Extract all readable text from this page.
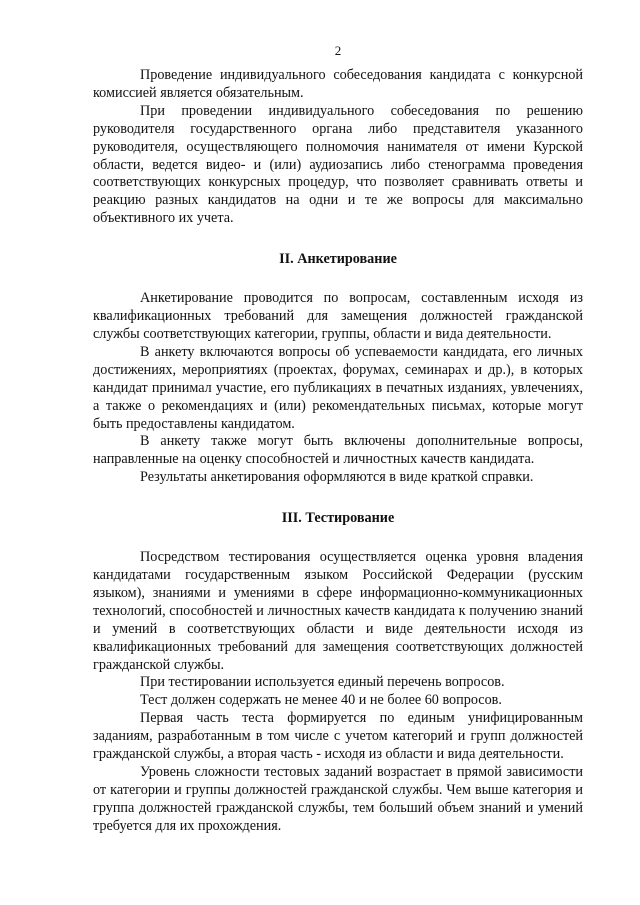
2

Проведение индивидуального собеседования кандидата с конкурсной комиссией является обязательным.

При проведении индивидуального собеседования по решению руководителя государственного органа либо представителя указанного руководителя, осуществляющего полномочия нанимателя от имени Курской области, ведется видео- и (или) аудиозапись либо стенограмма проведения соответствующих конкурсных процедур, что позволяет сравнивать ответы и реакцию разных кандидатов на одни и те же вопросы для максимально объективного их учета.

II. Анкетирование

Анкетирование проводится по вопросам, составленным исходя из квалификационных требований для замещения должностей гражданской службы соответствующих категории, группы, области и вида деятельности.

В анкету включаются вопросы об успеваемости кандидата, его личных достижениях, мероприятиях (проектах, форумах, семинарах и др.), в которых кандидат принимал участие, его публикациях в печатных изданиях, увлечениях, а также о рекомендациях и (или) рекомендательных письмах, которые могут быть предоставлены кандидатом.

В анкету также могут быть включены дополнительные вопросы, направленные на оценку способностей и личностных качеств кандидата.

Результаты анкетирования оформляются в виде краткой справки.

III. Тестирование

Посредством тестирования осуществляется оценка уровня владения кандидатами государственным языком Российской Федерации (русским языком), знаниями и умениями в сфере информационно-коммуникационных технологий, способностей и личностных качеств кандидата к получению знаний и умений в соответствующих области и виде деятельности исходя из квалификационных требований для замещения соответствующих должностей гражданской службы.

При тестировании используется единый перечень вопросов.

Тест должен содержать не менее 40 и не более 60 вопросов.

Первая часть теста формируется по единым унифицированным заданиям, разработанным в том числе с учетом категорий и групп должностей гражданской службы, а вторая часть - исходя из области и вида деятельности.

Уровень сложности тестовых заданий возрастает в прямой зависимости от категории и группы должностей гражданской службы. Чем выше категория и группа должностей гражданской службы, тем больший объем знаний и умений требуется для их прохождения.
